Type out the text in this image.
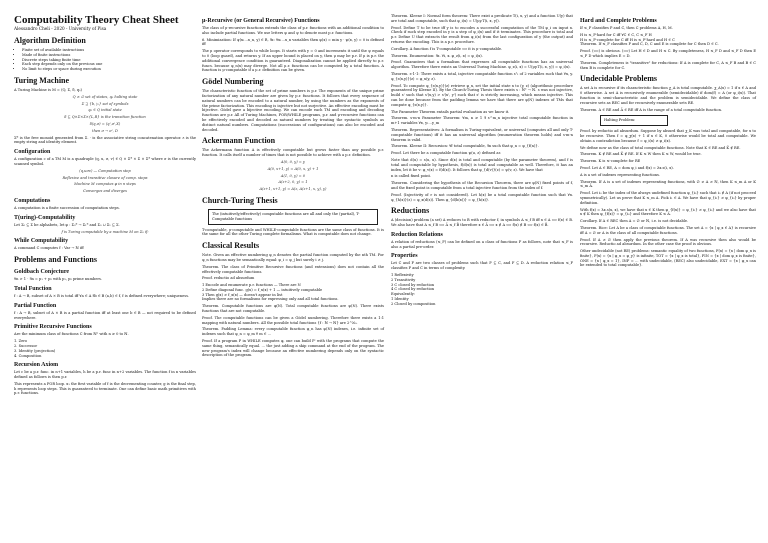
Computability Theory Cheat Sheet
Alessandro Cheli - 2020 - University of Pisa
Algorithm Definition
• Finite set of available instructions
• Made of finite instructions
• Discrete steps taking finite time
• Each step depends only on the previous one
• No limit to steps or space during execution
Turing Machine

A Turing Machine is M = (Q, Σ, δ, q₀)

Q ≠ ∅ set of states, q₀ halting state
Σ ⊇ {b, ▷} set of symbols
q₀ ∈ Q initial state
δ ⊆ Q×Σ×Σ×{L,R} is the transition function
δ(q,σ) = (q',σ',X)
then σ → σ', D

Σ* is the free monoid generated from Σ. · is the associative string concatenation operator. ε is the empty string and identity element.

Configuration

A configuration c of a TM M is a quadruple (q, u, σ, v) ∈ Q × Σ* × Σ × Σ* where σ is the currently scanned symbol.

(q,uσv) — Computation step
Reflexive and transitive closure of comp. steps
Machine M computes φ in n steps
Converges and diverges
Computations

A computation is a finite succession of computation steps.

T(uring)-Computability

Let Σ₀ ⊆ Σ be alphabets, let φ : Σ₀* → Σ₁* and Σ₀ ∪ Σ₁ ⊆ Σ.

f is Turing computable by a machine M on Σ₀ if:
While Computability

A command C computes f : Var → ℕ iff

Problems and Functions
Goldbach Conjecture

∀n > 1 · ∃n = p₁ + p₂ with p₁, p₂ prime numbers.

Total Function

f : A → B, subset of A × B is total iff ∀a ∈ A ∃b ∈ B (a,b) ∈ f, f is defined everywhere; uniqueness.

Partial Function

f : A → B, subset of A × B is a partial function iff at least one b ∈ B — not required to be defined everywhere.

Primitive Recursive Functions

Are the minimum class of functions C from ℕⁿ with n ≥ 0 to ℕ.

1. Zero
2. Successor
3. Identity (projection)
4. Composition
Recursion Axiom

Let c be a p.r. func. in n+1 variables, h be a p.r. func in n+2 variables. The function f in n variables defined as follows is then p.r.

This represents a FOR loop. x₁ the first variable of f is the decrementing counter, g is the final step, h represents loop steps. This is guaranteed to terminate. One can define basic math primitives with p.r. functions.

μ-Recursive (or General Recursive) Functions

The class of μ-recursive functions extends the class of p.r. functions with an additional condition to also include partial functions. We use letters φ and ψ to denote most p.r. functions.

6. Minimization: If ψ(x₁...x_n, y) ∈ R, ∃z: ∀x₁...x_n variables then φ(x) = min y · ψ(x, y) = 0 is defined iff

The μ operator corresponds to while loops. It starts with y = 0 and increments it until the ψ equals to 0 (loop guard), and returns y. If an upper bound is placed on y, then μ may be p.r. If μ is p.r. the additional convergence condition is guaranteed. Diagonalization cannot be applied directly to μ.r. funcs. because φ_n(x) may diverge. Not all μ.r. functions can be computed by a total function. A function is μ-computable if a μ.r. definition can be given.

Gödel Numbering

The characteristic function of the set of prime numbers is p.r. The exponents of the unique prime factorization of any natural number are given by p.r. functions. It follows that every sequence of natural numbers can be encoded to a natural number, by using the numbers as the exponents of the prime factorization. This encoding is injective but not surjective. An effective encoding must be bijective. Gödel gave a bijective encoding. We can encode each TM and encoding and decoding functions are p.r. All of Turing Machines, FOR/WHILE programs, p.r. and μ-recursive functions can be effectively encoded and decoded as natural numbers by treating the syntactic symbols as distinct natural numbers. Computations (successions of configurations) can also be encoded and decoded.

Ackermann Function

The Ackermann function A is effectively computable but grows faster than any possible p.r. function. It calls itself a number of times that is not possible to achieve with a p.r. definition.

A(0, 0, y) = y
A(0, x+1, y) = A(0, x, y) + 1
A(1, 0, y) = 0
A(z+2, 0, y) = 1
A(z+1, x+1, y) = A(z, A(z+1, x, y), y)
Church-Turing Thesis
The (intuitively/effectively) computable functions are all and only the (partial), T-Computable functions

T-computable, μ-computable and WHILE-computable functions are the same class of functions. It is the same for all the other Turing complete formalisms. What is computable does not change.

Classical Results

Note. Given an effective numbering φ_n denotes the partial function computed by the nth TM. For φ_n functions may be semantically equal: φ_i = φ_j but surely i ≠ j.

Theorem. The class of Primitive Recursive functions (and extensions) does not contain all the effectively computable functions.

Proof. reductio ad absurdum

1 Encode and enumerate p.r. functions — There are N
2 Define diagonal func. g(x) = f_x(x) + 1 — intuitively computable
3 Then g(x) ≠ f_x(x) — doesn't appear in list

Implies there are no formalisms for expressing only and all total functions.

Theorem. Computable functions are φ(N). Total computable functions are φ(N). There exists functions that are not computable.

Proof. The computable functions can be given a Gödel numbering. Therefore there exists a 1:1 mapping with natural numbers. All the possible total functions {f : ℕ → ℕ} are 2^ℵ₀.

Theorem. Padding Lemma: every computable function φ_n has φ(N) indexes, i.e. infinite set of indexes such that φ_n = φ_m ∀ m ∈ ...

Proof. If a program P in WHILE computes φ, one can build P' with the programs that compute the same thing, semantically equal. … the just adding a skip command at the end of the program. The new program's index will change because an effective numbering depends only on the syntactic description of the program.

Theorem. Kleene I: Normal form theorem: There exist a predicate T(i, x, y) and a function U(y) that are total and computable, such that φ_i(x) = U(μy.T(i, x, y)).

Proof. Define T to be true iff y is to encodes a successful computation of the TM φ_i on input x. Check if such step encoded in y is a step of φ_i(x) and if it terminates. This procedure is total and p.r. Define U that extracts the result from φ_i(x) from the last configuration of y (the output) and returns the encoding. This is a p.r. procedure.

Corollary. A function f is T-computable ⟺ it is μ-computable.

Theorem. Enumeration: ∃z. ∀i, x. φ_z(i, x) = φ_i(x).

Proof. Guarantees that a formalism that expresses all computable functions has an universal algorithm. Therefore there exists an Universal Turing Machine. φ_z(i, x) = U(μy.T(i, x, y)) = φ_i(x).

Theorem. s-1-1: There exists a total, injective computable function s¹₁ of 2 variables such that ∀x, y. φ_{s(x,y)}(z) = φ_x(y, z).

Proof. To compute φ_{s(x,y)}(z) retrieve φ_x, set the initial state x to (y, z) (algorithmic procedure guaranteed by Kleene II). By the Church-Turing Thesis there exists s : ℕ² → ℕ. s was not injective, build s' such that s'(x,y) > s'(x', y') such that s' is strictly increasing, which means injective. This can be done because from the padding lemma we have that there are φ(N) indexes of TMs that compute φ_{s(x,y)}.

The Parameter Theorem entails partial evaluation as we know it.

Theorem. s-m-n Parameter Theorem: ∀m, n ≥ 1 ∃ s^m_n injective total computable function in m+1 variables ∀x, y₁...y_m

Theorem. Representatives: A formalism is Turing-equivalent, or universal (computes all and only T-computable functions) iff it has an universal algorithm (enumeration theorem holds) and s-m-n theorem is valid.

Theorem. Kleene II: Recursion: ∀f total computable, ∃n such that φ_n = φ_{f(n)}.

Proof. Let there be a computable function ψ(u, z) defined as

Note that d(u) = s(u, u). Since d(x) is total and computable (by the parameter theorem), and f is total and computable by hypothesis, f(d(x)) is total and computable as well. Therefore, it has an index, let it be v: φ_v(x) = f(d(x)). It follows that φ_{d(v)}(z) = ψ(v, z). We have that

n is called fixed point.

Theorem. Considering the hypothesis of the Recursion Theorem, there are φ(N) fixed points of f, and the fixed point is computable from a total injective function from the index of f.

Proof. (Injectivity of r is not considered). Let h(x) be a total computable function such that ∀x. φ_{h(x)}(z) = φ_x(d(z)). Then φ_{d(h(x))} = φ_{h(x)}.

Reductions

A (decision) problem (a set) A reduces to B with reductor f, in symbols A ≤_f B iff x ∈ A ⟺ f(x) ∈ B. We also have that A ≤_f B ⟺ Ā ≤_f B̄ therefore x ∈ Ā ⟺ x ∉ A ⟺ f(x) ∉ B ⟺ f(x) ∈ B̄.

Reduction Relations

A relation of reductions (≤_F) can be defined on a class of functions F as follows, note that ≤_F is also a partial pre-order.

Properties

Let C and F are two classes of problems such that P ⊆ C, and F ⊆ D. A reduction relation ≤_F classifies P and C in terms of complexity.

1 Reflexivity
2 Transitivity
3 C closed by reduction
4 C closed by reduction
Equivalently:
1 Identity
2 Closed by composition
Hard and Complete Problems

If ≤_F classifies P and C, then C problems A, H, M.

H is ≤_F-hard for C iff ∀C ∈ C, C ≤_F H
H is ≤_F-complete for C iff H is ≤_F-hard and H ∈ C

Theorem. If ≤_F classifies P and C, D, C and E is complete for C then D ∈ C.

Proof. (⟸) is obvious. (⟹) Let H ∈ D and H ≤ C. By completeness, H ≤_F D and ≤_F D then E ≤_F D which implies E = D.

Theorem. Completeness is "transitive" for reductions: If A is complete for C, A ≤_F B and B ∈ C then B is complete for C.

Undecidable Problems

A set A is recursive if its characteristic function χ_A is total computable. χ_A(x) = 1 if x ∈ A and 0 otherwise. A set A is recursively enumerable (semidecidable) if dom(f) = A (or φ_i(x)). That function is semi-characteristic and the problem is semidecidable. We define the class of recursive sets as REC and for recursively enumerable sets RE.

Theorem. A ∈ RE and Ā ∈ RE iff A is the range of a total computable function.

Halting Problem:

Proof. by reductio ad absurdum. Suppose by absurd that χ_K was total and computable, for x to be recursive. Then f = φ_χ(x) + 1 if x ∈ K, 0 otherwise would be total and computable. We obtain a contradiction because f = φ_i(x) ≠ φ_i(x).

We define now as the class of total computable functions. Note that K ∈ RE and K̄ ∉ RE.

Theorem. K ∉ RE and K̄ ∉ RE. If K ≤ W then K ≤ W, would be true.

Theorem. K is ≤-complete for RE

Proof. Let A ∈ RE, A = dom φ_i and f(x) = λx.s(i, x).

A is a set of indexes representing functions.

Theorem. If A is a set of indexes representing functions, with ∅ ≠ A ≠ ℕ, then K ≤_m A or K ≤_m Ā.

Proof. Let i₀ be the index of the always undefined function φ_{i₀} such that i₀ ∉ A (if not proceed symmetrically). Let us prove that K ≤_m A. Pick i₁ ∈ A. We have that φ_{i₁} ≠ φ_{i₀} by proper definition.

With f(x) = λx.s(x, x), we have that x ∈ K then φ_{f(x)} = φ_{i₁} ≠ φ_{i₀} and we also have that x ∉ K then φ_{f(x)} = φ_{i₀} and therefore K ≤ A.

Corollary. If A ∈ REC then A = ∅ or ℕ, i.e. is not decidable.

Theorem. Rice: Let A be a class of computable functions. The set A = {x | φ_x ∈ A} is recursive iff A = ∅ or A is the class of all computable functions.

Proof. If A ≠ ∅ then apply the previous theorem. If A was recursive then also would be recursive. Reductio ad absurdum. In the other case the proof is obvious.

Other undecidable (not RE) problems: semantic equality of two functions, F(x) = {x | dom φ_x is finite}, F(x) = {x | φ_x = φ_y} is infinite, TOT = {x | φ_x is total}, FIN = {x | dom φ_x is finite}, ONE = {x | φ_x = 1}, INF = ... with undecidable, (REC) also undecidable, EXT = {x | φ_x can be extended to total computable}.
